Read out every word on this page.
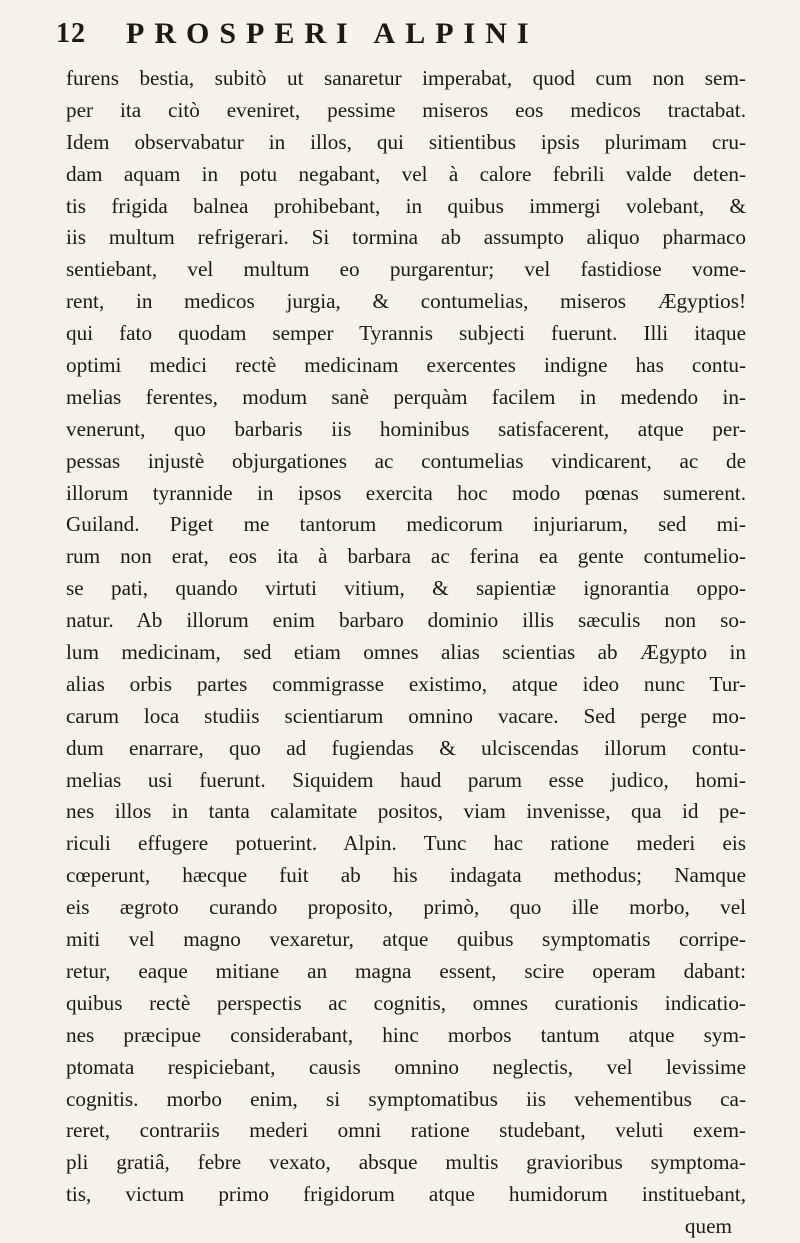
12	PROSPERI ALPINI
furens bestia, subitò ut sanaretur imperabat, quod cum non sem-
per ita citò eveniret, pessime miseros eos medicos tractabat.
Idem observabatur in illos, qui sitientibus ipsis plurimam cru-
dam aquam in potu negabant, vel à calore febrili valde deten-
tis frigida balnea prohibebant, in quibus immergi volebant, &
iis multum refrigerari. Si tormina ab assumpto aliquo pharmaco
sentiebant, vel multum eo purgarentur; vel fastidiose vome-
rent, in medicos jurgia, & contumelias, miseros Ægyptios!
qui fato quodam semper Tyrannis subjecti fuerunt. Illi itaque
optimi medici rectè medicinam exercentes indigne has contu-
melias ferentes, modum sanè perquàm facilem in medendo in-
venerunt, quo barbaris iis hominibus satisfacerent, atque per-
pessas injustè objurgationes ac contumelias vindicarent, ac de
illorum tyrannide in ipsos exercita hoc modo pœnas sumerent.
Guiland. Piget me tantorum medicorum injuriarum, sed mi-
rum non erat, eos ita à barbara ac ferina ea gente contumelio-
se pati, quando virtuti vitium, & sapientiæ ignorantia oppo-
natur. Ab illorum enim barbaro dominio illis sæculis non so-
lum medicinam, sed etiam omnes alias scientias ab Ægypto in
alias orbis partes commigrasse existimo, atque ideo nunc Tur-
carum loca studiis scientiarum omnino vacare. Sed perge mo-
dum enarrare, quo ad fugiendas & ulciscendas illorum contu-
melias usi fuerunt. Siquidem haud parum esse judico, homi-
nes illos in tanta calamitate positos, viam invenisse, qua id pe-
riculi effugere potuerint. Alpin. Tunc hac ratione mederi eis
cœperunt, hæcque fuit ab his indagata methodus; Namque
eis ægroto curando proposito, primò, quo ille morbo, vel
miti vel magno vexaretur, atque quibus symptomatis corripe-
retur, eaque mitiane an magna essent, scire operam dabant:
quibus rectè perspectis ac cognitis, omnes curationis indicatio-
nes præcipue considerabant, hinc morbos tantum atque sym-
ptomata respiciebant, causis omnino neglectis, vel levissime
cognitis. morbo enim, si symptomatibus iis vehementibus ca-
reret, contrariis mederi omni ratione studebant, veluti exem-
pli gratiâ, febre vexato, absque multis gravioribus symptoma-
tis, victum primo frigidorum atque humidorum instituebant,
quem
